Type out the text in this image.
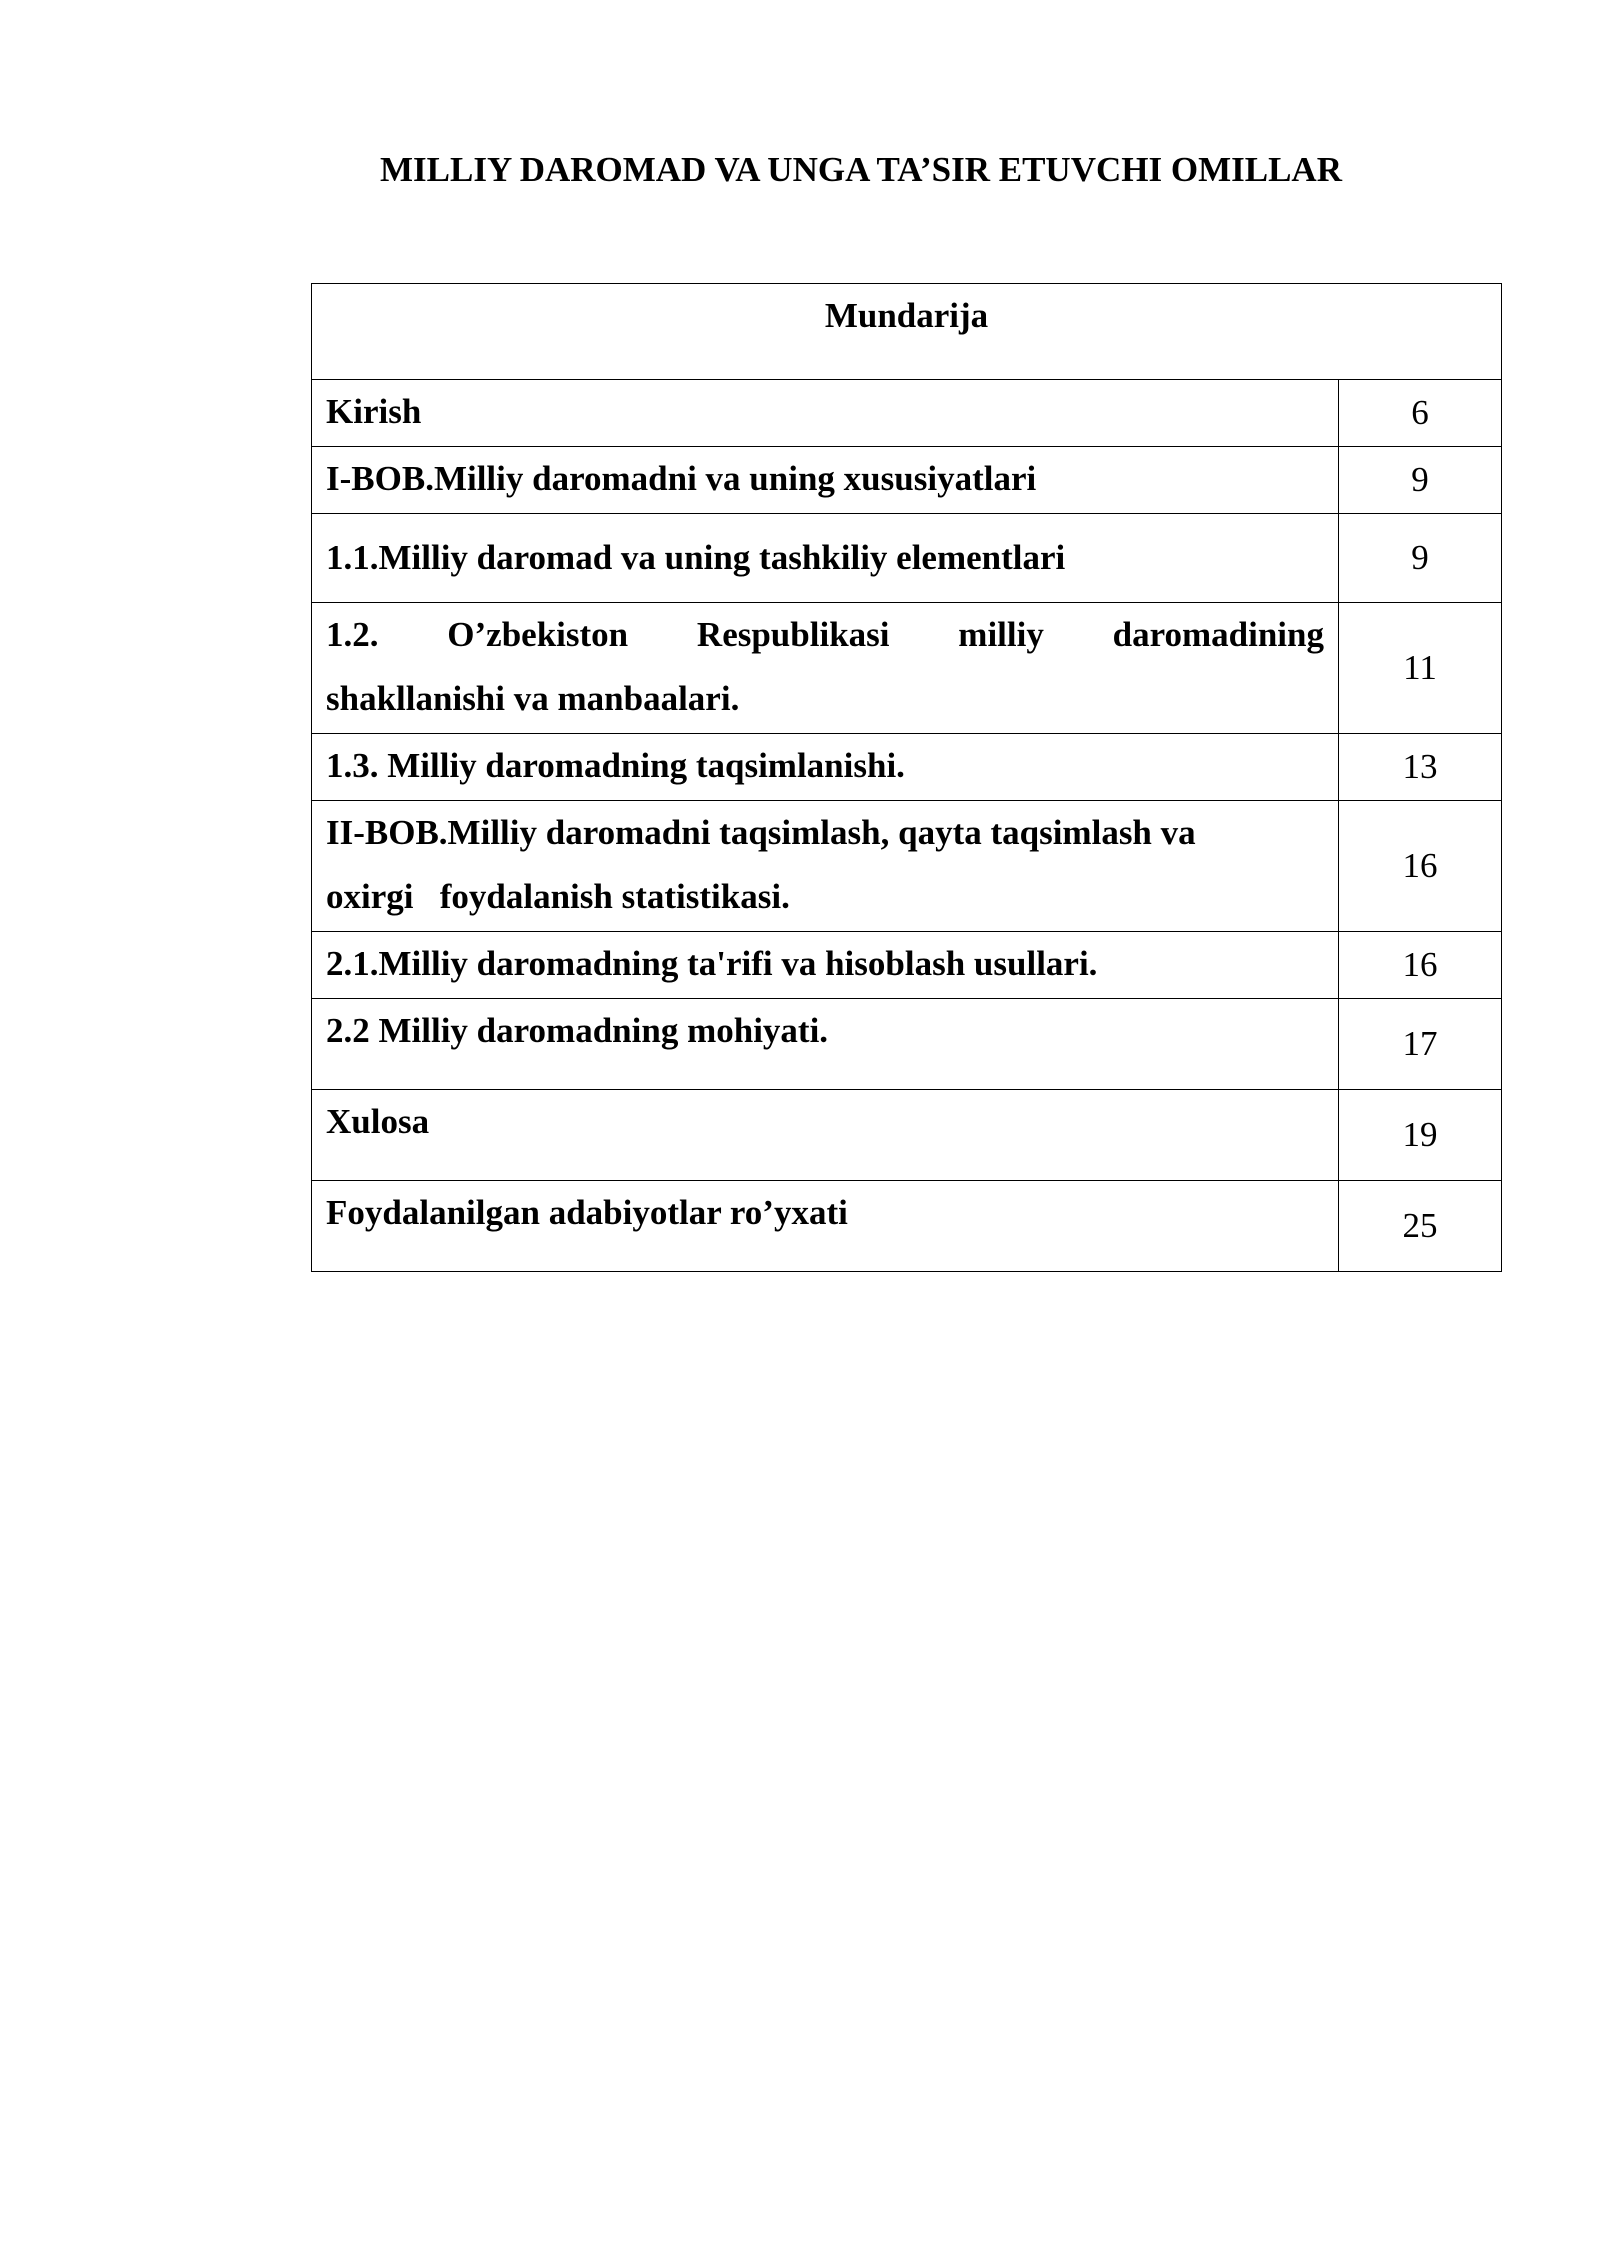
MILLIY DAROMAD VA UNGA TA’SIR ETUVCHI OMILLAR
Mundarija	
Kirish	6
I-BOB.Milliy daromadni va uning xususiyatlari	9
1.1.Milliy daromad va uning tashkiliy elementlari	9

1.2. O’zbekiston Respublikasi milliy daromadining
shakllanishi va manbaalari.	11
1.3. Milliy daromadning taqsimlanishi.	13

II-BOB.Milliy daromadni taqsimlash, qayta taqsimlash va
oxirgi   foydalanish statistikasi.	16
2.1.Milliy daromadning ta'rifi va hisoblash usullari.	16
2.2 Milliy daromadning mohiyati.	17
Xulosa	19
Foydalanilgan adabiyotlar ro’yxati	25
